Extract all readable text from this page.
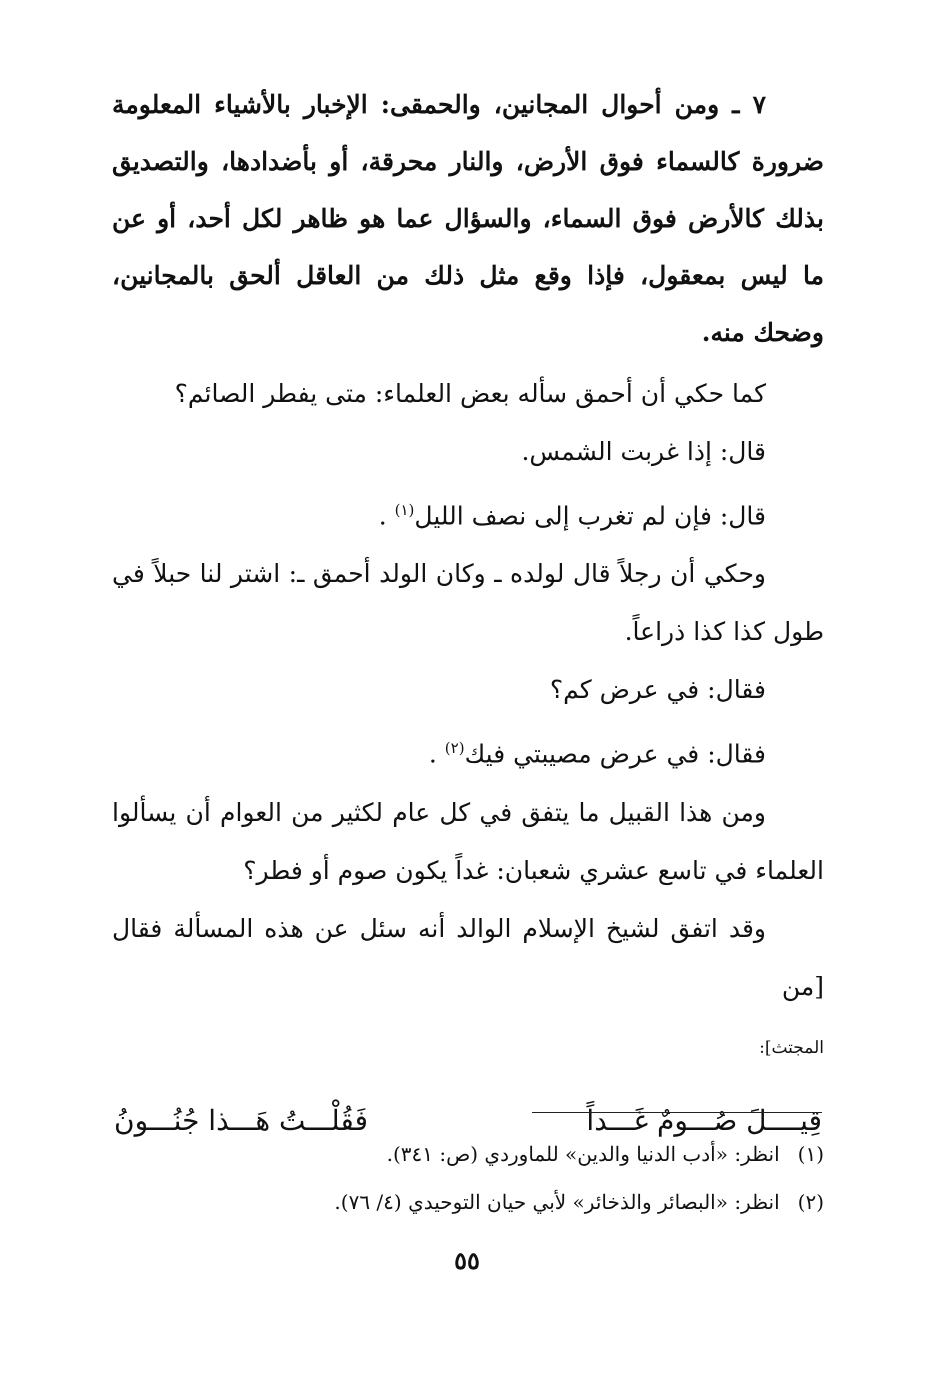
٧ ـ ومن أحوال المجانين، والحمقى: الإخبار بالأشياء المعلومة ضرورة كالسماء فوق الأرض، والنار محرقة، أو بأضدادها، والتصديق بذلك كالأرض فوق السماء، والسؤال عما هو ظاهر لكل أحد، أو عن ما ليس بمعقول، فإذا وقع مثل ذلك من العاقل ألحق بالمجانين، وضحك منه.

كما حكي أن أحمق سأله بعض العلماء: متى يفطر الصائم؟

قال: إذا غربت الشمس.

قال: فإن لم تغرب إلى نصف الليل$^{(١)}$ .

وحكي أن رجلاً قال لولده ـ وكان الولد أحمق ـ: اشتر لنا حبلاً في طول كذا كذا ذراعاً.

فقال: في عرض كم؟

فقال: في عرض مصيبتي فيك$^{(٢)}$ .

ومن هذا القبيل ما يتفق في كل عام لكثير من العوام أن يسألوا العلماء في تاسع عشري شعبان: غداً يكون صوم أو فطر؟

وقد اتفق لشيخ الإسلام الوالد أنه سئل عن هذه المسألة فقال [من
المجتث]:

قِيــــلَ صُـــومٌ غَـــداً
فَقُلْـــتُ هَـــذا جُنُـــونُ
(١)
انظر: «أدب الدنيا والدين» للماوردي (ص: ٣٤١).
(٢)
انظر: «البصائر والذخائر» لأبي حيان التوحيدي (٤/ ٧٦).
٥٥
